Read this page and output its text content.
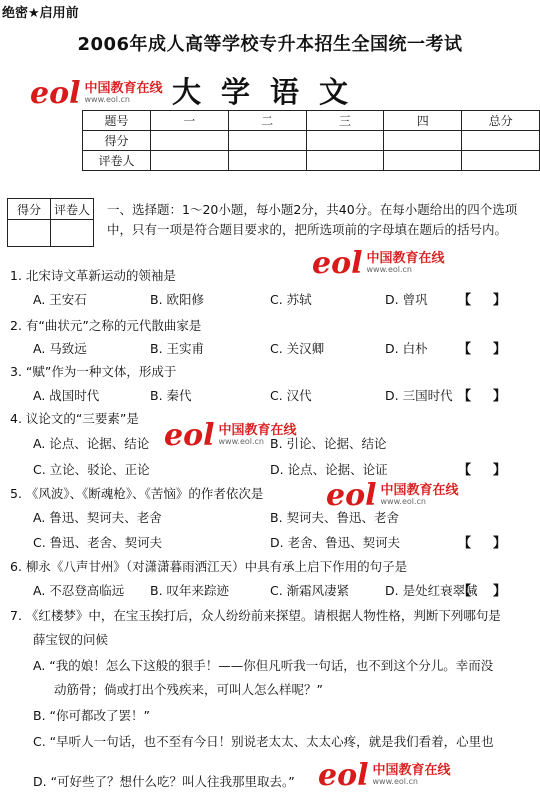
绝密★启用前
2006年成人高等学校专升本招生全国统一考试
eol 中国教育在线
www.eol.cn	大学语文
题号	一	二	三	四	总分
得分					
评卷人					
得分	评卷人
	一、选择题：1～20小题，每小题2分，共40分。在每小题给出的四个选项中，只有一项是符合题目要求的，把所选项前的字母填在题后的括号内。
eol 中国教育在线
www.eol.cn
1. 北宋诗文革新运动的领袖是
A. 王安石	B. 欧阳修	C. 苏轼	D. 曾巩 【】
2. 有“曲状元”之称的元代散曲家是
A. 马致远	B. 王实甫	C. 关汉卿	D. 白朴 【】
3. “赋”作为一种文体，形成于
A. 战国时代	B. 秦代	C. 汉代	D. 三国时代 【】
eol 中国教育在线
www.eol.cn
4. 议论文的“三要素”是
A. 论点、论据、结论	B. 引论、论据、结论
C. 立论、驳论、正论	D. 论点、论据、论证	【】
eol 中国教育在线
www.eol.cn
5. 《风波》、《断魂枪》、《苦恼》的作者依次是
A. 鲁迅、契诃夫、老舍	B. 契诃夫、鲁迅、老舍
C. 鲁迅、老舍、契诃夫	D. 老舍、鲁迅、契诃夫	【】
6. 柳永《八声甘州》（对潇潇暮雨洒江天）中具有承上启下作用的句子是
A. 不忍登高临远 B. 叹年来踪迹	C. 渐霜风凄紧	D. 是处红衰翠减
【】
7. 《红楼梦》中，在宝玉挨打后，众人纷纷前来探望。请根据人物性格，判断下列哪句是
薛宝钗的问候
A. “我的娘！怎么下这般的狠手！——你但凡听我一句话，也不到这个分儿。幸而没
动筋骨；倘或打出个残疾来，可叫人怎么样呢？”
B. “你可都改了罢！”
C. “早听人一句话，也不至有今日！别说老太太、太太心疼，就是我们看着，心里也
D. “可好些了？想什么吃？叫人往我那里取去。” eol 中国教育在线
www.eol.cn
